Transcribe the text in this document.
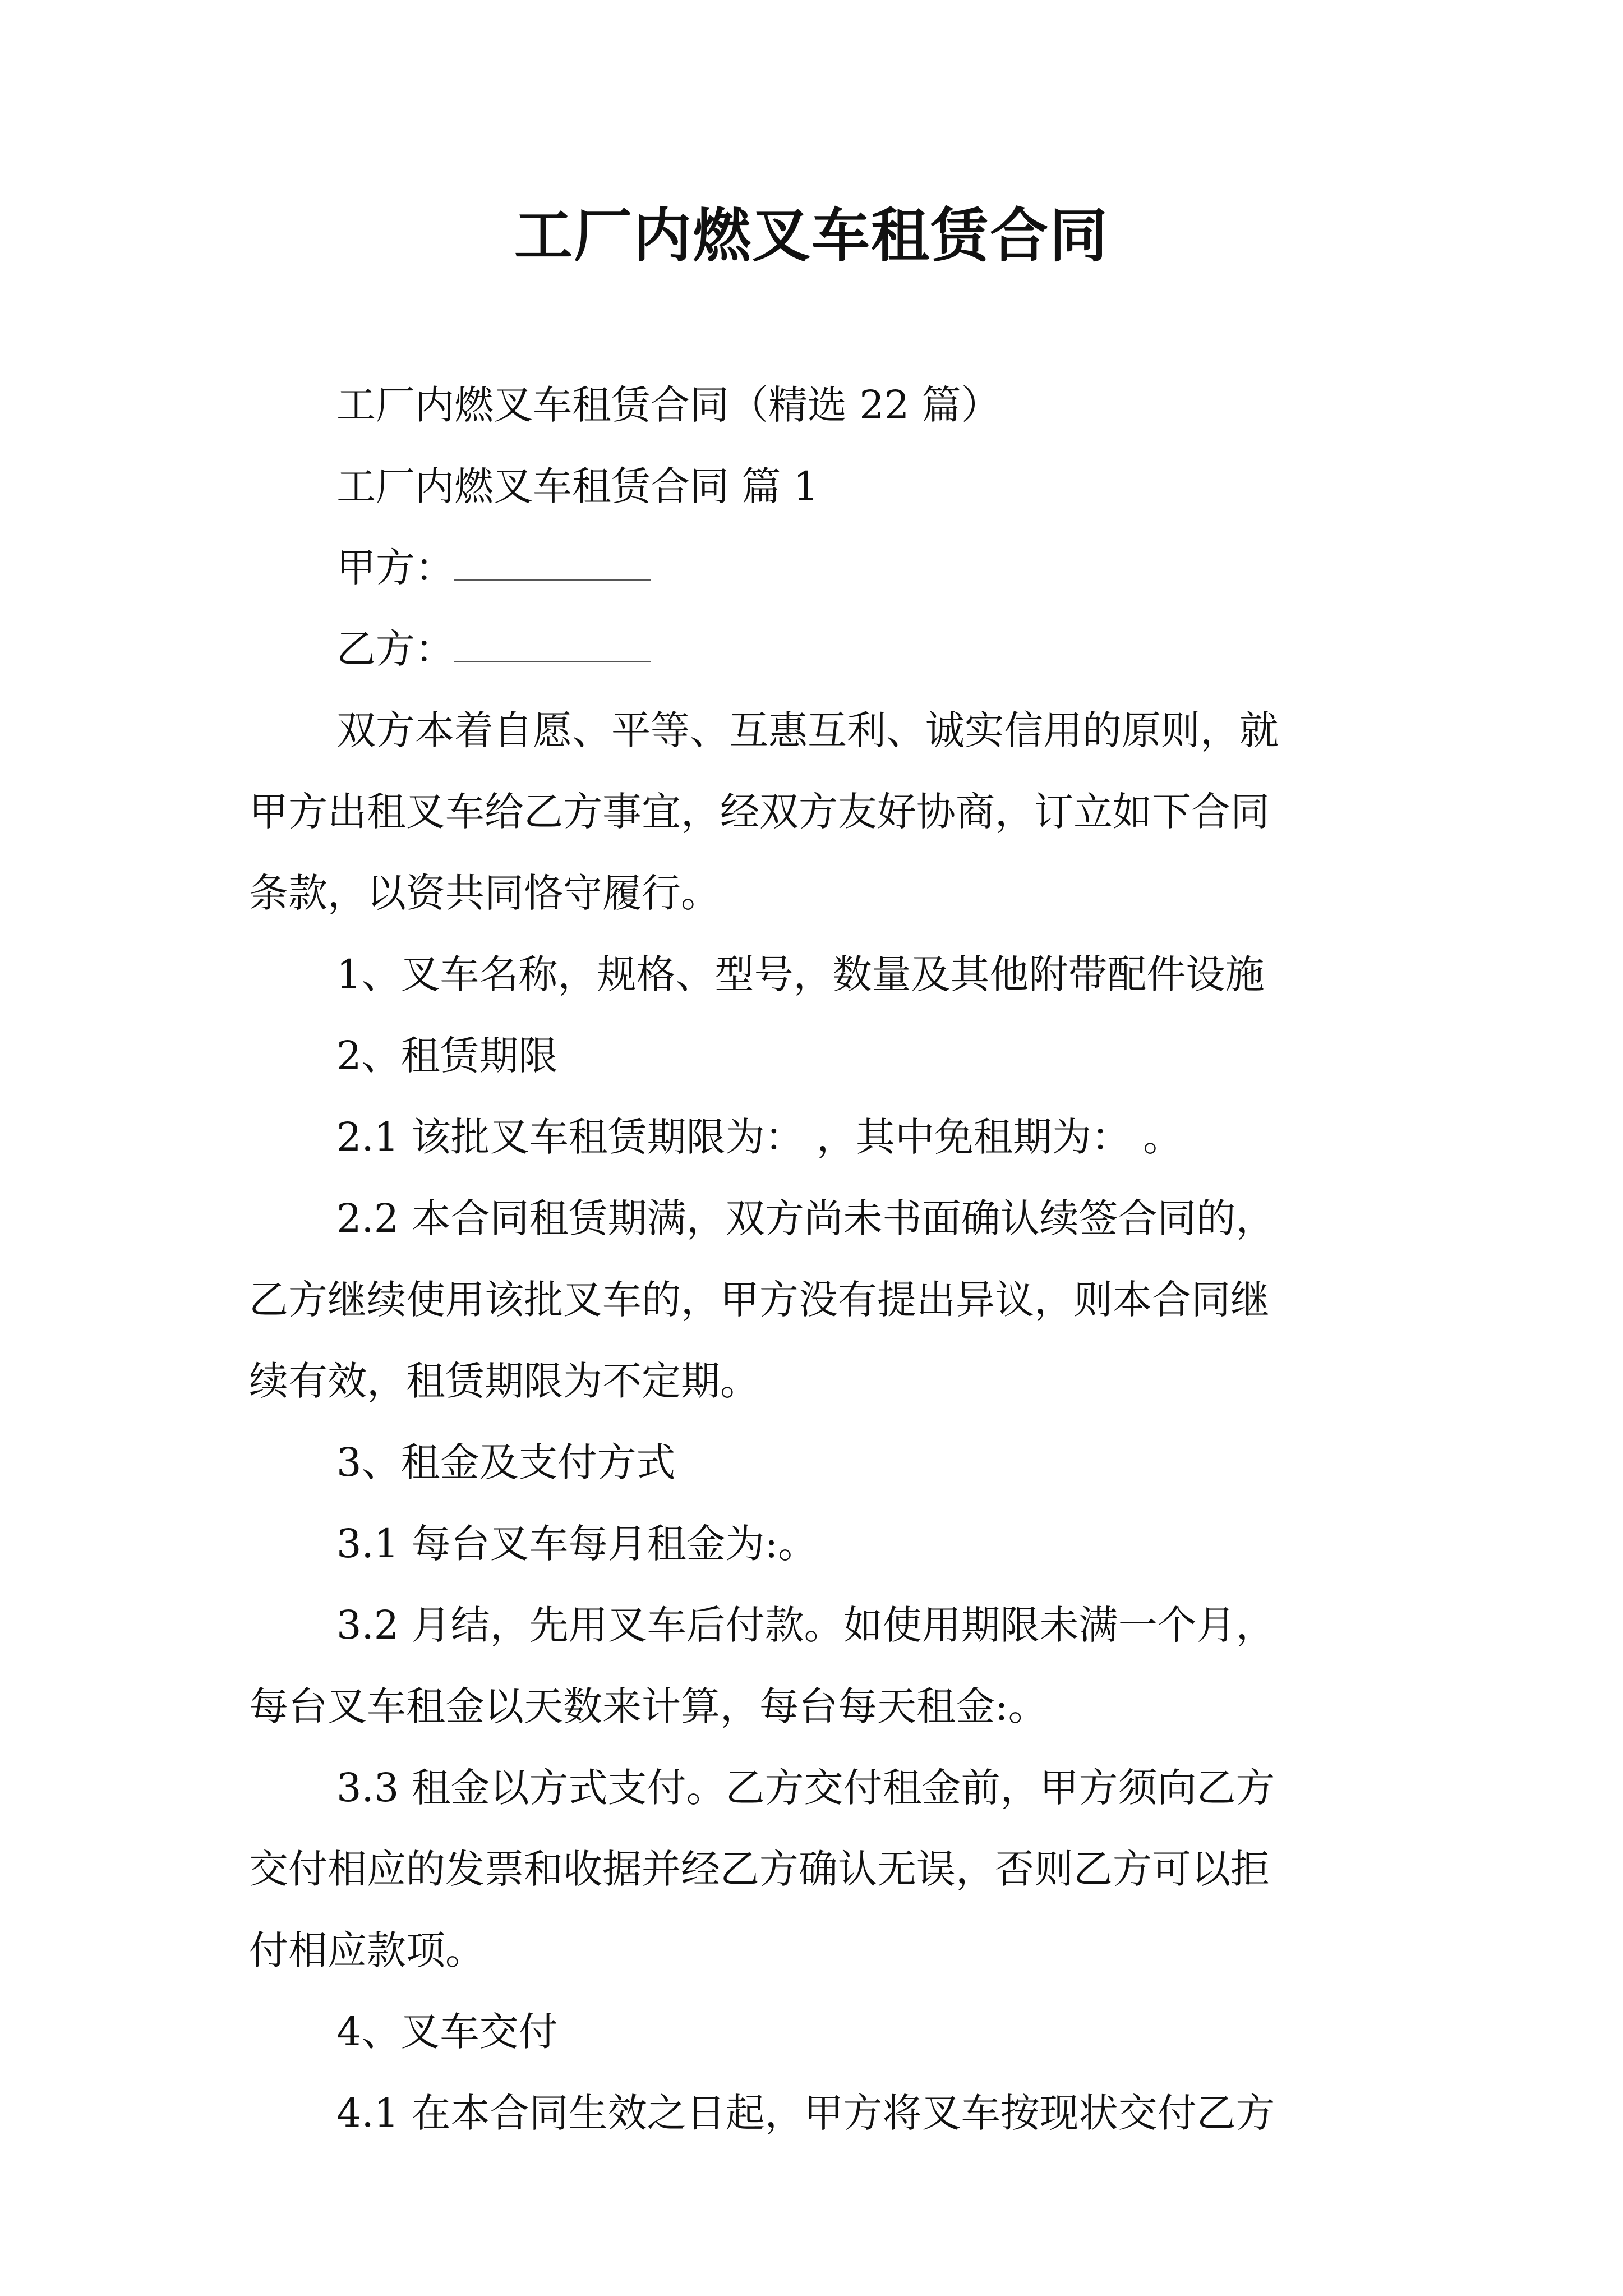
工厂内燃叉车租赁合同
工厂内燃叉车租赁合同（精选 22 篇）
工厂内燃叉车租赁合同 篇 1
甲方：
乙方：
双方本着自愿、平等、互惠互利、诚实信用的原则，就
甲方出租叉车给乙方事宜，经双方友好协商，订立如下合同
条款，以资共同恪守履行。
1、叉车名称，规格、型号，数量及其他附带配件设施
2、租赁期限
2.1 该批叉车租赁期限为： ，其中免租期为： 。
2.2 本合同租赁期满，双方尚未书面确认续签合同的，
乙方继续使用该批叉车的，甲方没有提出异议，则本合同继
续有效，租赁期限为不定期。
3、租金及支付方式
3.1 每台叉车每月租金为:。
3.2 月结，先用叉车后付款。如使用期限未满一个月，
每台叉车租金以天数来计算，每台每天租金:。
3.3 租金以方式支付。乙方交付租金前，甲方须向乙方
交付相应的发票和收据并经乙方确认无误，否则乙方可以拒
付相应款项。
4、叉车交付
4.1 在本合同生效之日起，甲方将叉车按现状交付乙方
